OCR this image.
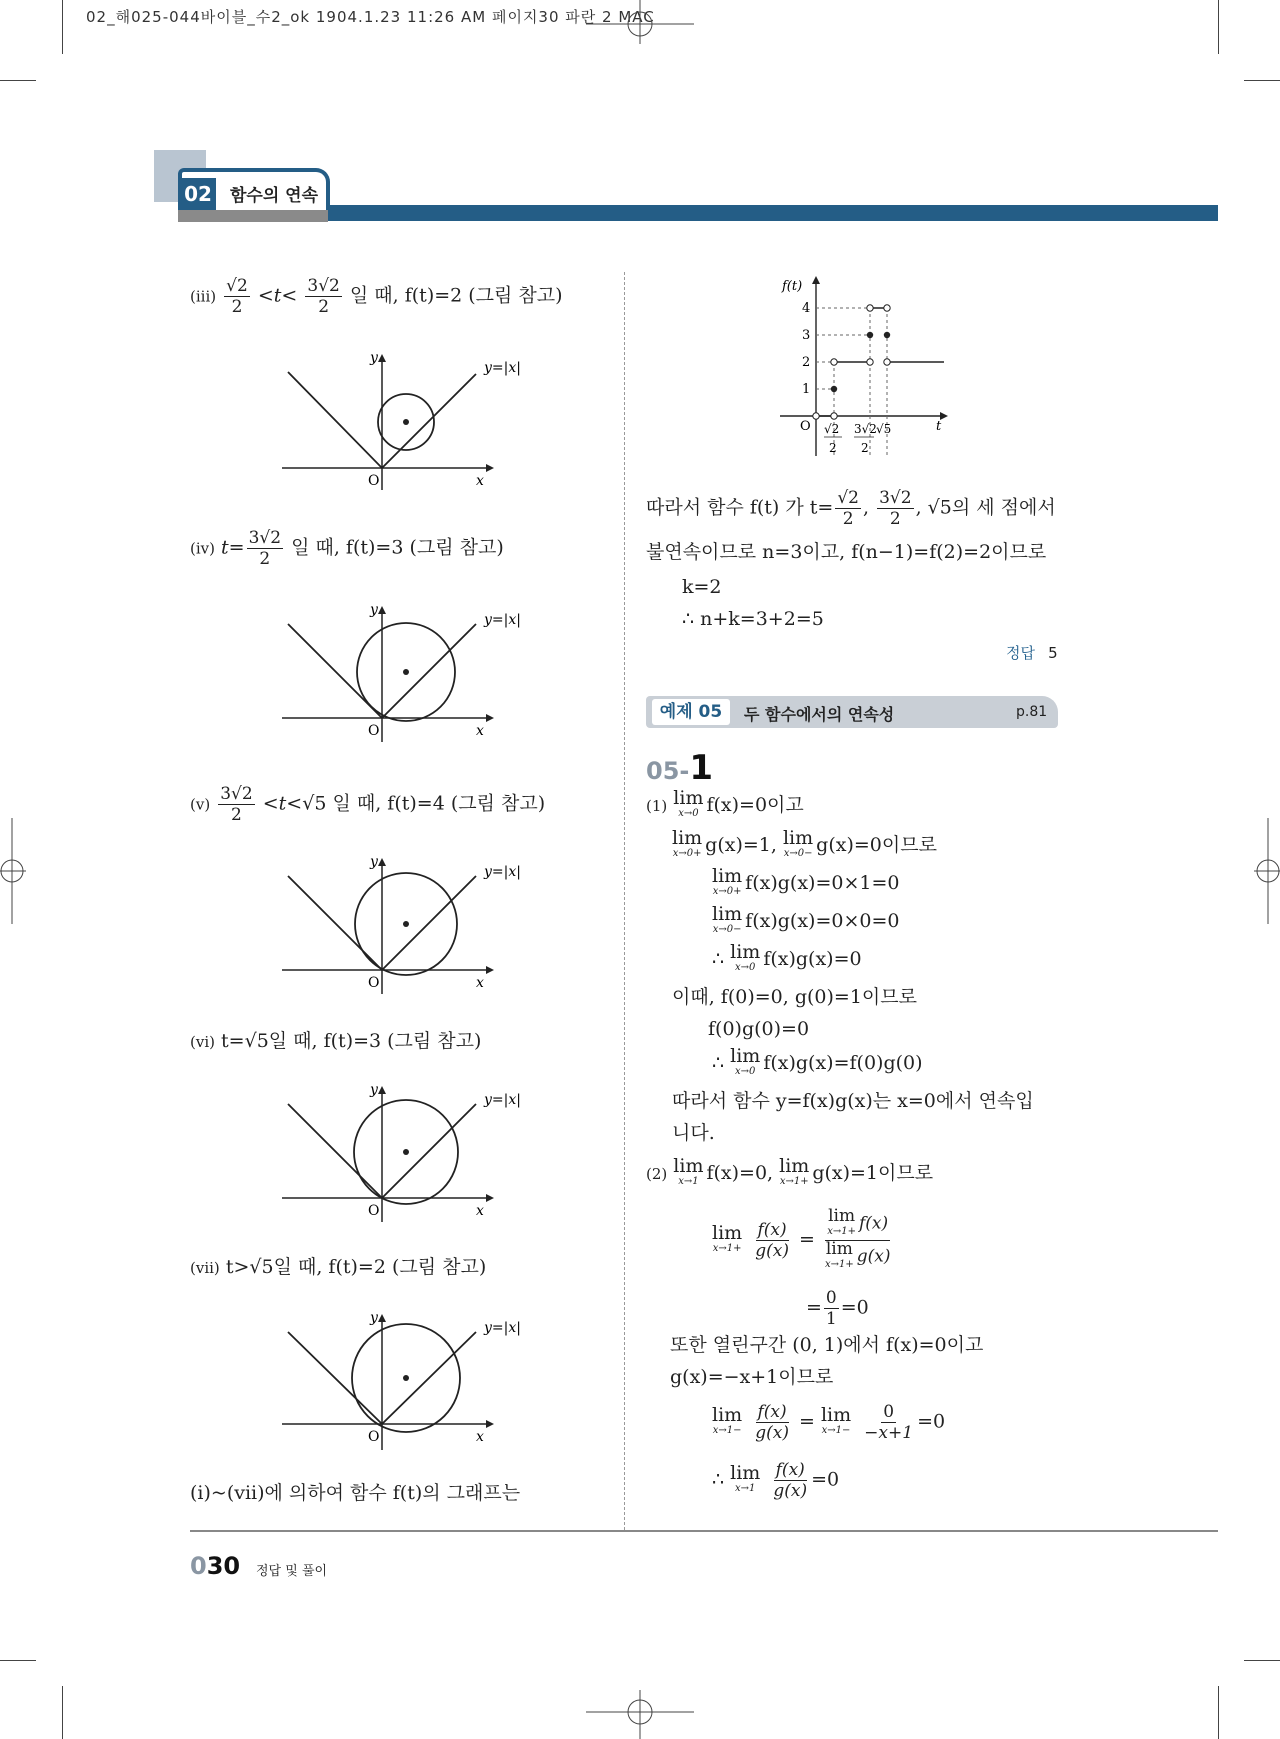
02_해025-044바이블_수2_ok 1904.1.23 11:26 AM 페이지30 파란 2 MAC
02 함수의 연속
$(iii) \frac{√2}{2} <t< \frac{3√2}{2}$ 일 때, f(t)=2 (그림 참고)
y
x
O
y=|x|
(iv) $t= \frac{3√2}{2}$ 일 때, f(t)=3 (그림 참고)
y
x
O
y=|x|
$(v) \frac{3√2}{2} <t<√5$ 일 때, f(t)=4 (그림 참고)
y
x
O
y=|x|
(vi) t=√5일 때, f(t)=3 (그림 참고)
y
x
O
y=|x|
(vii) t>√5일 때, f(t)=2 (그림 참고)
y
x
O
y=|x|
(i)~(vii)에 의하여 함수 f(t)의 그래프는
f(t)
4
3
2
1
O	t
√2
2
3√2
2
√5
따라서 함수 f(t) 가 $t= \frac{√2}{2}$ , $\frac{3√2}{2}$ , √5의 세 점에서
불연속이므로 n=3이고, f(n−1)=f(2)=2이므로
k=2
∴ n+k=3+2=5
정답 5
예제 05	두 함수에서의 연속성	p.81
05-1
(1) lim
x→0 f(x)=0이고
lim
x→0+ g(x)=1, lim
x→0− g(x)=0이므로
lim
x→0+ f(x)g(x)=0×1=0
lim
x→0− f(x)g(x)=0×0=0
∴ lim
x→0 f(x)g(x)=0
이때, f(0)=0, g(0)=1이므로
f(0)g(0)=0
∴ lim
x→0 f(x)g(x)=f(0)g(0)
따라서 함수 y=f(x)g(x)는 x=0에서 연속입
니다.
(2) lim
x→1 f(x)=0, lim
x→1+ g(x)=1이므로
lim
x→1+
$\frac{f(x)}{g(x)} = \lim$
x→1+ f(x)
lim
x→1+ g(x)
= $\frac{0}{1} =0$
또한 열린구간 (0, 1)에서 f(x)=0이고
g(x)=−x+1이므로
lim
x→1−
$\frac{f(x)}{g(x)} = \lim$
x→1−
$\frac{0}{-x+1} =0$
∴ lim
x→1
$\frac{f(x)}{g(x)} =0$
030 정답 및 풀이
